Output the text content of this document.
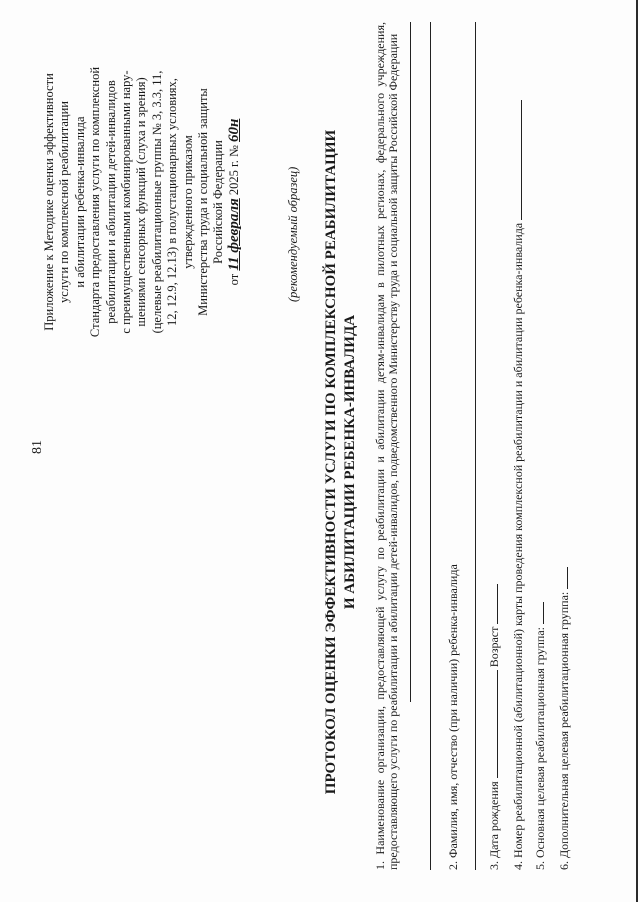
81
Приложение к Методике оценки эффективности услуги по комплексной реабилитации и абилитации ребенка-инвалида Стандарта предоставления услуги по комплексной реабилитации и абилитации детей-инвалидов с преимущественными комбинированными нару- шениями сенсорных функций (слуха и зрения) (целевые реабилитационные группы № 3, 3.3, 11, 12, 12.9, 12.13) в полустационарных условиях, утвержденного приказом Министерства труда и социальной защиты Российской Федерации
от 11 февраля 2025 г. № 60н
(рекомендуемый образец) ПРОТОКОЛ ОЦЕНКИ ЭФФЕКТИВНОСТИ УСЛУГИ ПО КОМПЛЕКСНОЙ РЕАБИЛИТАЦИИ И АБИЛИТАЦИИ РЕБЕНКА-ИНВАЛИДА 1. Наименование организации, предоставляющей услугу по реабилитации и абилитации детям-инвалидам в пилотных регионах, федерального учреждения, предоставляющего услуги по реабилитации и абилитации детей-инвалидов, подведомственного Министерству труда и социальной защиты Российской Федерации	2. Фамилия, имя, отчество (при наличии) ребенка-инвалида 3. Дата рождения  Возраст 4. Номер реабилитационной (абилитационной) карты проведения комплексной реабилитации и абилитации ребенка-инвалида 5. Основная целевая реабилитационная группа: 6. Дополнительная целевая реабилитационная группа:
